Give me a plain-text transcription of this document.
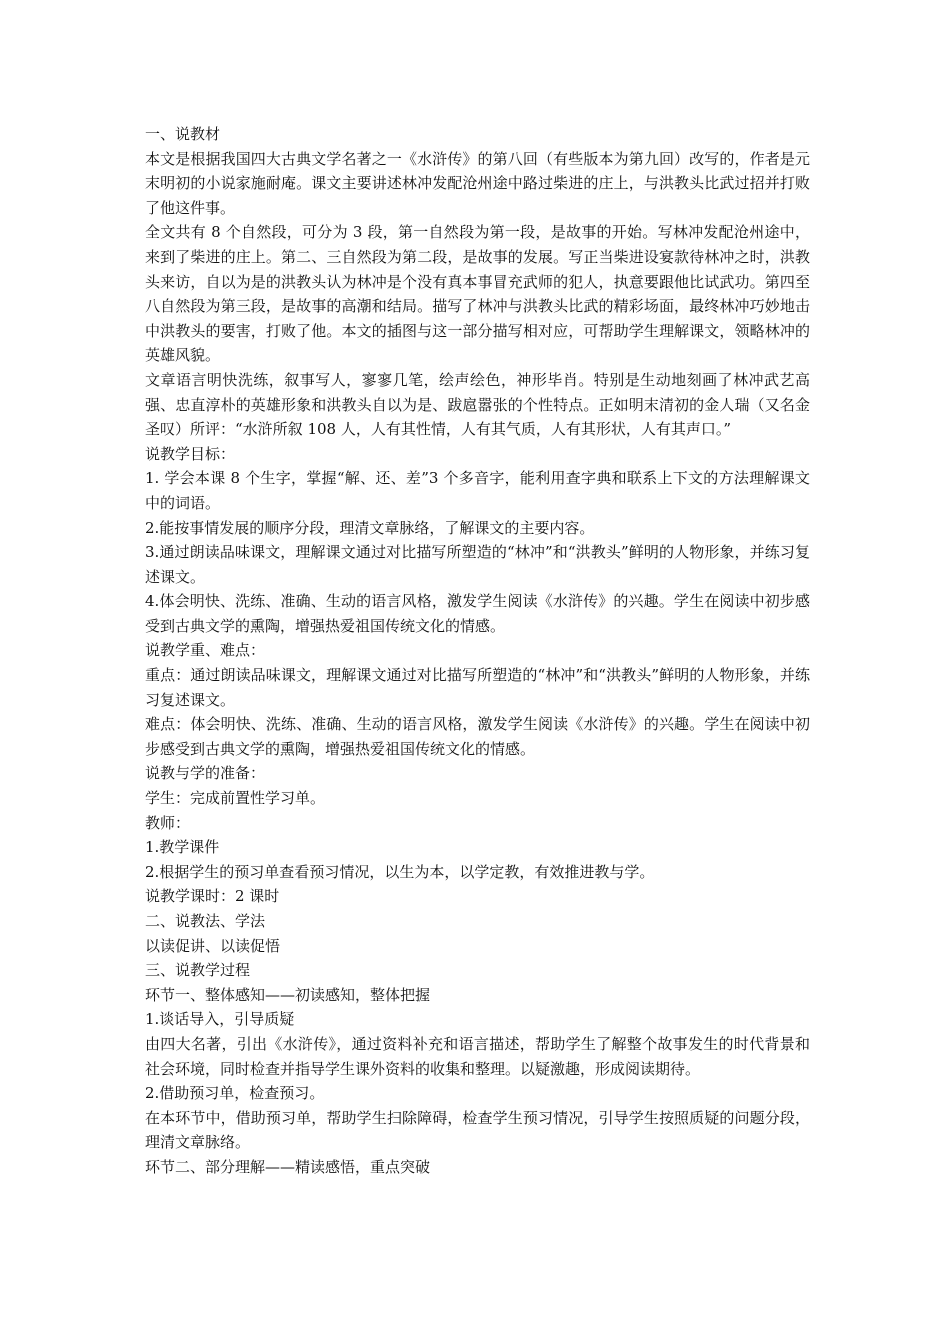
一、说教材

本文是根据我国四大古典文学名著之一《水浒传》的第八回（有些版本为第九回）改写的，作者是元末明初的小说家施耐庵。课文主要讲述林冲发配沧州途中路过柴进的庄上，与洪教头比武过招并打败了他这件事。

全文共有 8 个自然段，可分为 3 段，第一自然段为第一段，是故事的开始。写林冲发配沧州途中，来到了柴进的庄上。第二、三自然段为第二段，是故事的发展。写正当柴进设宴款待林冲之时，洪教头来访，自以为是的洪教头认为林冲是个没有真本事冒充武师的犯人，执意要跟他比试武功。第四至八自然段为第三段，是故事的高潮和结局。描写了林冲与洪教头比武的精彩场面，最终林冲巧妙地击中洪教头的要害，打败了他。本文的插图与这一部分描写相对应，可帮助学生理解课文，领略林冲的英雄风貌。

文章语言明快洗练，叙事写人，寥寥几笔，绘声绘色，神形毕肖。特别是生动地刻画了林冲武艺高强、忠直淳朴的英雄形象和洪教头自以为是、跋扈嚣张的个性特点。正如明末清初的金人瑞（又名金圣叹）所评：“水浒所叙 108 人，人有其性情，人有其气质，人有其形状，人有其声口。”

说教学目标：

1. 学会本课 8 个生字，掌握“解、还、差”3 个多音字，能利用查字典和联系上下文的方法理解课文中的词语。

2.能按事情发展的顺序分段，理清文章脉络，了解课文的主要内容。

3.通过朗读品味课文，理解课文通过对比描写所塑造的“林冲”和“洪教头”鲜明的人物形象，并练习复述课文。

4.体会明快、洗练、准确、生动的语言风格，激发学生阅读《水浒传》的兴趣。学生在阅读中初步感受到古典文学的熏陶，增强热爱祖国传统文化的情感。

说教学重、难点：

重点：通过朗读品味课文，理解课文通过对比描写所塑造的“林冲”和“洪教头”鲜明的人物形象，并练习复述课文。

难点：体会明快、洗练、准确、生动的语言风格，激发学生阅读《水浒传》的兴趣。学生在阅读中初步感受到古典文学的熏陶，增强热爱祖国传统文化的情感。

说教与学的准备：

学生：完成前置性学习单。

教师：

1.教学课件

2.根据学生的预习单查看预习情况，以生为本，以学定教，有效推进教与学。

说教学课时：2 课时

二、说教法、学法

以读促讲、以读促悟

三、说教学过程

环节一、整体感知——初读感知，整体把握

1.谈话导入，引导质疑

由四大名著，引出《水浒传》，通过资料补充和语言描述，帮助学生了解整个故事发生的时代背景和社会环境，同时检查并指导学生课外资料的收集和整理。以疑激趣，形成阅读期待。

2.借助预习单，检查预习。

在本环节中，借助预习单，帮助学生扫除障碍，检查学生预习情况，引导学生按照质疑的问题分段，理清文章脉络。

环节二、部分理解——精读感悟，重点突破
